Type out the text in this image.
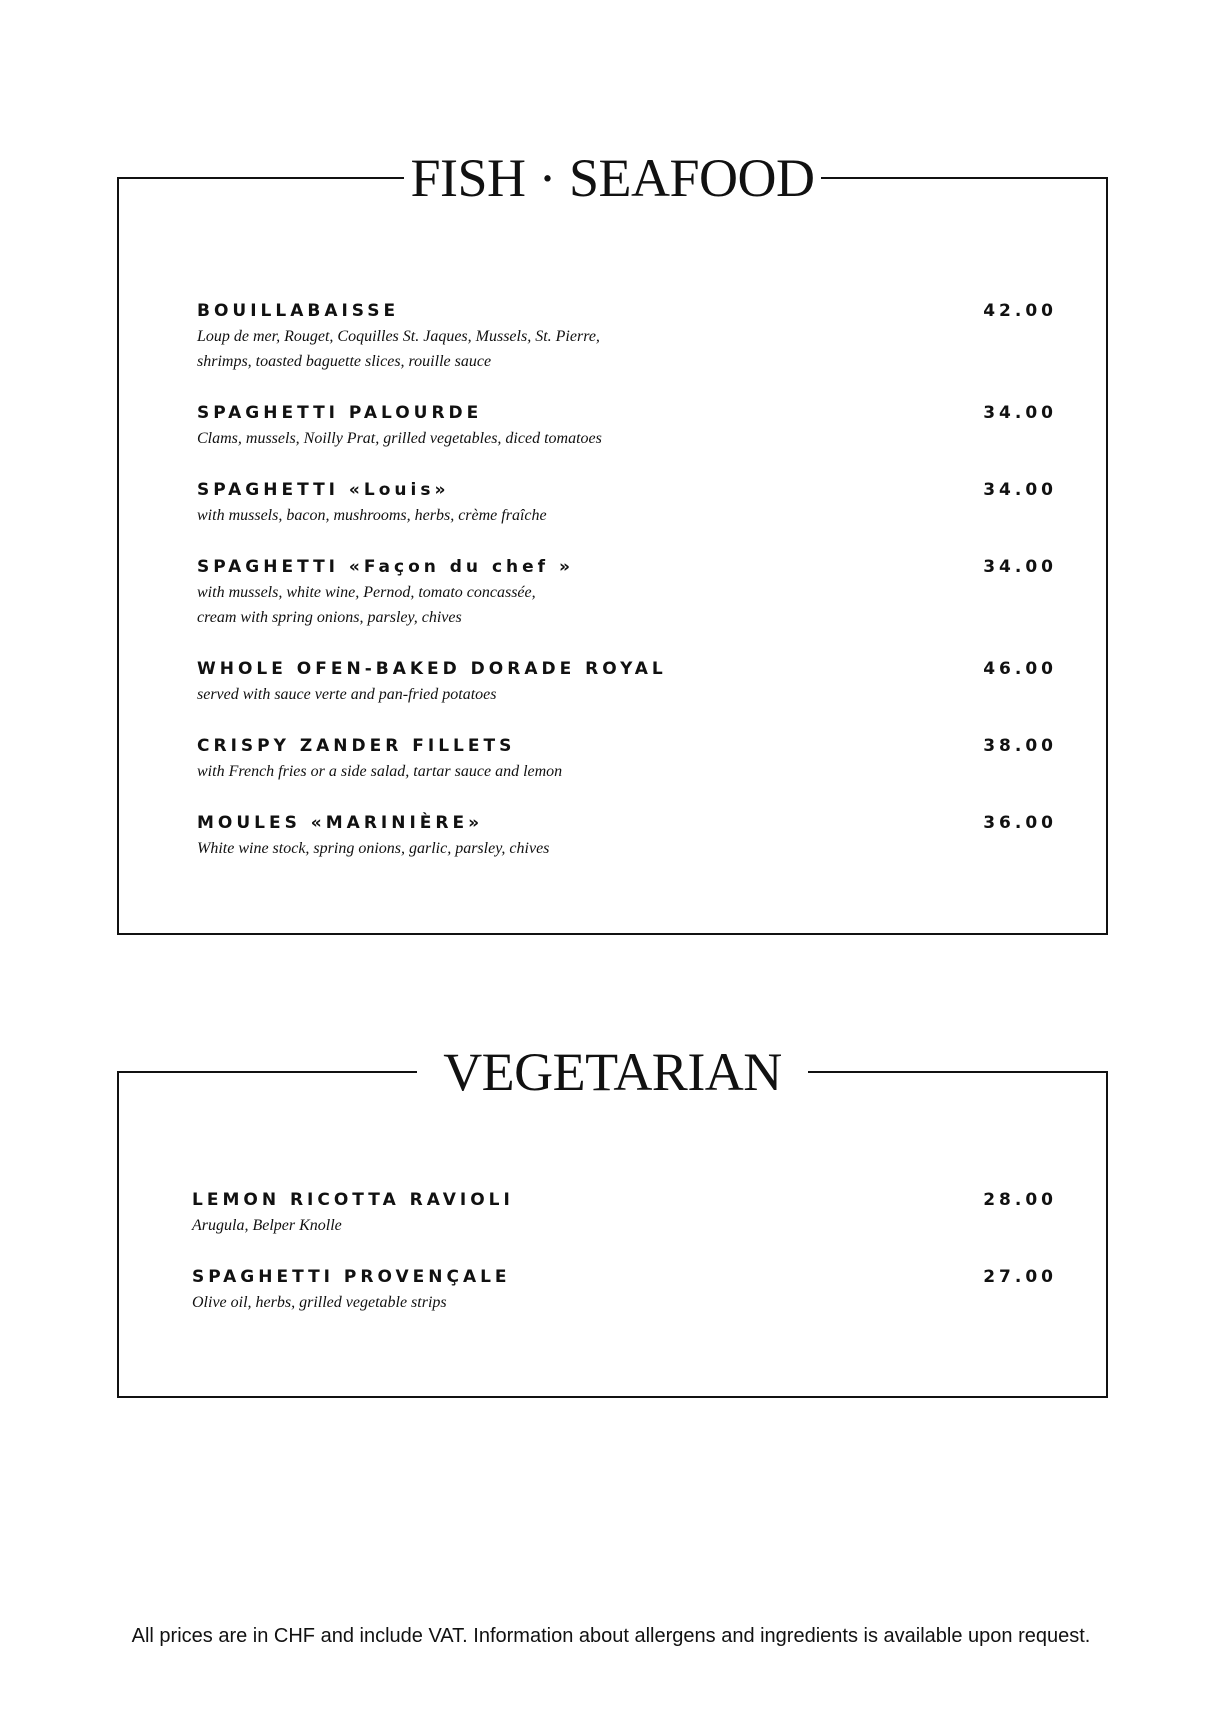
FISH · SEAFOOD
BOUILLABAISSE	42.00
Loup de mer, Rouget, Coquilles St. Jaques, Mussels, St. Pierre,
shrimps, toasted baguette slices, rouille sauce
SPAGHETTI PALOURDE	34.00
Clams, mussels, Noilly Prat, grilled vegetables, diced tomatoes
SPAGHETTI «Louis»	34.00
with mussels, bacon, mushrooms, herbs, crème fraîche
SPAGHETTI «Façon du chef »	34.00
with mussels, white wine, Pernod, tomato concassée,
cream with spring onions, parsley, chives
WHOLE OFEN-BAKED DORADE ROYAL	46.00
served with sauce verte and pan-fried potatoes
CRISPY ZANDER FILLETS	38.00
with French fries or a side salad, tartar sauce and lemon
MOULES «MARINIÈRE»	36.00
White wine stock, spring onions, garlic, parsley, chives
VEGETARIAN
LEMON RICOTTA RAVIOLI	28.00
Arugula, Belper Knolle
SPAGHETTI PROVENÇALE	27.00
Olive oil, herbs, grilled vegetable strips
All prices are in CHF and include VAT. Information about allergens and ingredients is available upon request.
